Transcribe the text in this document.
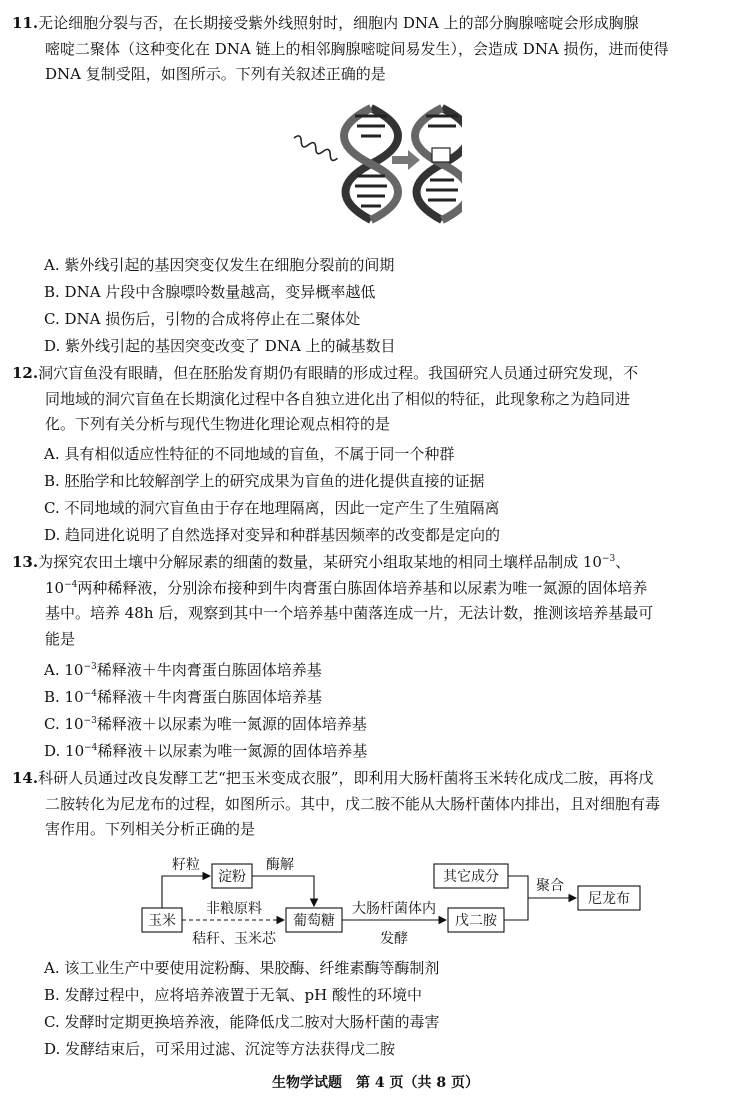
11.无论细胞分裂与否，在长期接受紫外线照射时，细胞内 DNA 上的部分胸腺嘧啶会形成胸腺
嘧啶二聚体（这种变化在 DNA 链上的相邻胸腺嘧啶间易发生），会造成 DNA 损伤，进而使得
DNA 复制受阻，如图所示。下列有关叙述正确的是
A. 紫外线引起的基因突变仅发生在细胞分裂前的间期
B. DNA 片段中含腺嘌呤数量越高，变异概率越低
C. DNA 损伤后，引物的合成将停止在二聚体处
D. 紫外线引起的基因突变改变了 DNA 上的碱基数目
12.洞穴盲鱼没有眼睛，但在胚胎发育期仍有眼睛的形成过程。我国研究人员通过研究发现，不
同地域的洞穴盲鱼在长期演化过程中各自独立进化出了相似的特征，此现象称之为趋同进
化。下列有关分析与现代生物进化理论观点相符的是
A. 具有相似适应性特征的不同地域的盲鱼，不属于同一个种群
B. 胚胎学和比较解剖学上的研究成果为盲鱼的进化提供直接的证据
C. 不同地域的洞穴盲鱼由于存在地理隔离，因此一定产生了生殖隔离
D. 趋同进化说明了自然选择对变异和种群基因频率的改变都是定向的
13.为探究农田土壤中分解尿素的细菌的数量，某研究小组取某地的相同土壤样品制成 $10^{-3}$、
$10^{-4}$两种稀释液，分别涂布接种到牛肉膏蛋白胨固体培养基和以尿素为唯一氮源的固体培养
基中。培养 48h 后，观察到其中一个培养基中菌落连成一片，无法计数，推测该培养基最可
能是
A. $10^{-3}$稀释液＋牛肉膏蛋白胨固体培养基
B. $10^{-4}$稀释液＋牛肉膏蛋白胨固体培养基
C. $10^{-3}$稀释液＋以尿素为唯一氮源的固体培养基
D. $10^{-4}$稀释液＋以尿素为唯一氮源的固体培养基
14.科研人员通过改良发酵工艺“把玉米变成衣服”，即利用大肠杆菌将玉米转化成戊二胺，再将戊
二胺转化为尼龙布的过程，如图所示。其中，戊二胺不能从大肠杆菌体内排出，且对细胞有毒
害作用。下列相关分析正确的是
玉米
淀粉
葡萄糖
其它成分
戊二胺
尼龙布
籽粒	酶解
非粮原料
秸秆、玉米芯
大肠杆菌体内
发酵
聚合
A. 该工业生产中要使用淀粉酶、果胶酶、纤维素酶等酶制剂
B. 发酵过程中，应将培养液置于无氧、pH 酸性的环境中
C. 发酵时定期更换培养液，能降低戊二胺对大肠杆菌的毒害
D. 发酵结束后，可采用过滤、沉淀等方法获得戊二胺
生物学试题　第 4 页（共 8 页）
